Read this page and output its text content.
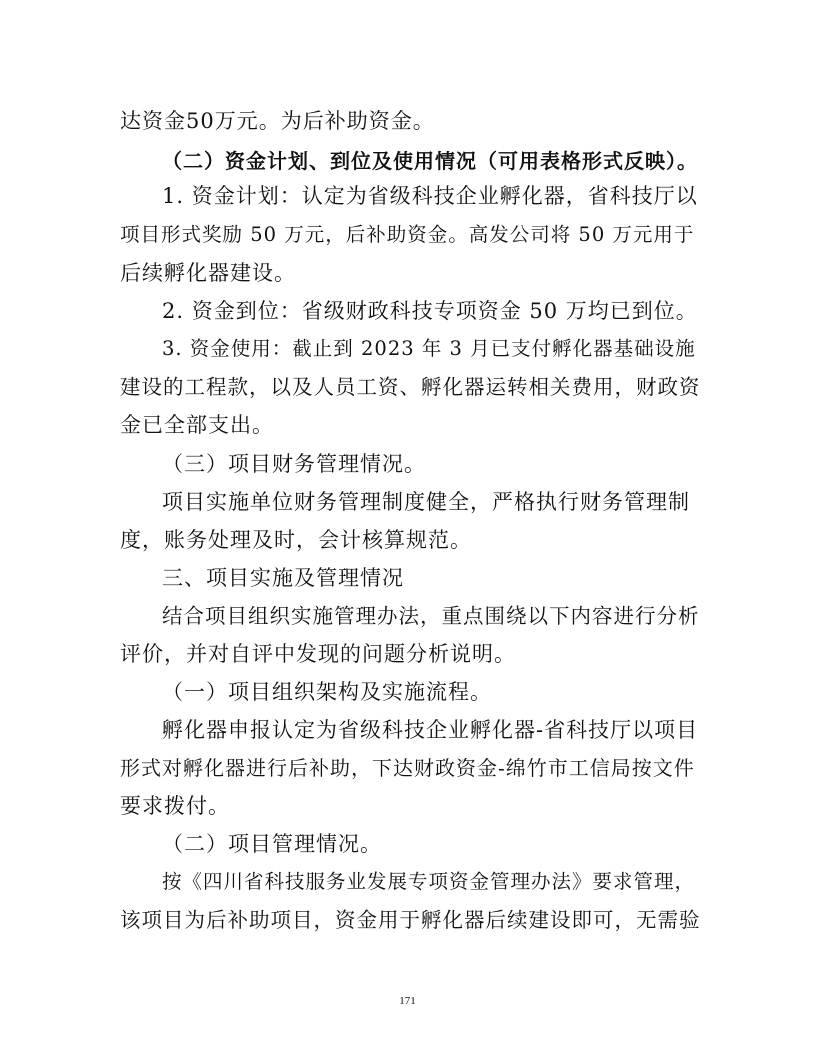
达资金50万元。为后补助资金。
（二）资金计划、到位及使用情况（可用表格形式反映）。
1. 资金计划：认定为省级科技企业孵化器，省科技厅以
项目形式奖励 50 万元，后补助资金。高发公司将 50 万元用于
后续孵化器建设。
2. 资金到位：省级财政科技专项资金 50 万均已到位。
3. 资金使用：截止到 2023 年 3 月已支付孵化器基础设施
建设的工程款，以及人员工资、孵化器运转相关费用，财政资
金已全部支出。
（三）项目财务管理情况。
项目实施单位财务管理制度健全，严格执行财务管理制
度，账务处理及时，会计核算规范。
三、项目实施及管理情况
结合项目组织实施管理办法，重点围绕以下内容进行分析
评价，并对自评中发现的问题分析说明。
（一）项目组织架构及实施流程。
孵化器申报认定为省级科技企业孵化器-省科技厅以项目
形式对孵化器进行后补助，下达财政资金-绵竹市工信局按文件
要求拨付。
（二）项目管理情况。
按《四川省科技服务业发展专项资金管理办法》要求管理，
该项目为后补助项目，资金用于孵化器后续建设即可，无需验
171
